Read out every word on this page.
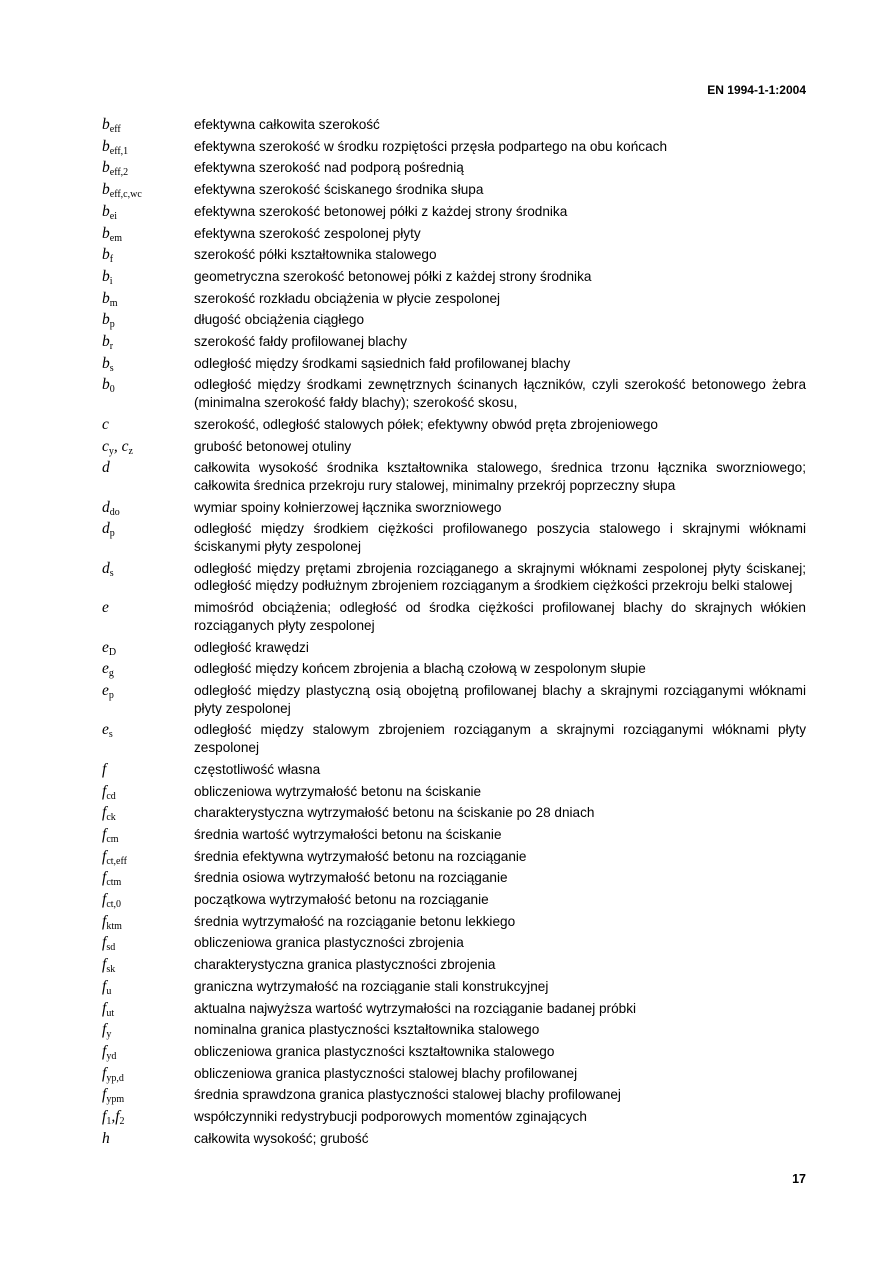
EN 1994-1-1:2004
$b_{eff}$	efektywna całkowita szerokość
$b_{eff,1}$	efektywna szerokość w środku rozpiętości przęsła podpartego na obu końcach
$b_{eff,2}$	efektywna szerokość nad podporą pośrednią
$b_{eff,c,wc}$	efektywna szerokość ściskanego środnika słupa
$b_{ei}$	efektywna szerokość betonowej półki z każdej strony środnika
$b_{em}$	efektywna szerokość zespolonej płyty
$b_f$	szerokość półki kształtownika stalowego
$b_i$	geometryczna szerokość betonowej półki z każdej strony środnika
$b_m$	szerokość rozkładu obciążenia w płycie zespolonej
$b_p$	długość obciążenia ciągłego
$b_r$	szerokość fałdy profilowanej blachy
$b_s$	odległość między środkami sąsiednich fałd profilowanej blachy
$b_0$	odległość między środkami zewnętrznych ścinanych łączników, czyli szerokość betonowego żebra (minimalna szerokość fałdy blachy); szerokość skosu,
c	szerokość, odległość stalowych półek; efektywny obwód pręta zbrojeniowego
$c_y$, $c_z$	grubość betonowej otuliny
d	całkowita wysokość środnika kształtownika stalowego, średnica trzonu łącznika sworzniowego; całkowita średnica przekroju rury stalowej, minimalny przekrój poprzeczny słupa
$d_{do}$	wymiar spoiny kołnierzowej łącznika sworzniowego
$d_p$	odległość między środkiem ciężkości profilowanego poszycia stalowego i skrajnymi włóknami ściskanymi płyty zespolonej
$d_s$	odległość między prętami zbrojenia rozciąganego a skrajnymi włóknami zespolonej płyty ściskanej; odległość między podłużnym zbrojeniem rozciąganym a środkiem ciężkości przekroju belki stalowej
e	mimośród obciążenia; odległość od środka ciężkości profilowanej blachy do skrajnych włókien rozciąganych płyty zespolonej
$e_D$	odległość krawędzi
$e_g$	odległość między końcem zbrojenia a blachą czołową w zespolonym słupie
$e_p$	odległość między plastyczną osią obojętną profilowanej blachy a skrajnymi rozciąganymi włóknami płyty zespolonej
$e_s$	odległość między stalowym zbrojeniem rozciąganym a skrajnymi rozciąganymi włóknami płyty zespolonej
f	częstotliwość własna
$f_{cd}$	obliczeniowa wytrzymałość betonu na ściskanie
$f_{ck}$	charakterystyczna wytrzymałość betonu na ściskanie po 28 dniach
$f_{cm}$	średnia wartość wytrzymałości betonu na ściskanie
$f_{ct,eff}$	średnia efektywna wytrzymałość betonu na rozciąganie
$f_{ctm}$	średnia osiowa wytrzymałość betonu na rozciąganie
$f_{ct,0}$	początkowa wytrzymałość betonu na rozciąganie
$f_{ktm}$	średnia wytrzymałość na rozciąganie betonu lekkiego
$f_{sd}$	obliczeniowa granica plastyczności zbrojenia
$f_{sk}$	charakterystyczna granica plastyczności zbrojenia
$f_u$	graniczna wytrzymałość na rozciąganie stali konstrukcyjnej
$f_{ut}$	aktualna najwyższa wartość wytrzymałości na rozciąganie badanej próbki
$f_y$	nominalna granica plastyczności kształtownika stalowego
$f_{yd}$	obliczeniowa granica plastyczności kształtownika stalowego
$f_{yp,d}$	obliczeniowa granica plastyczności stalowej blachy profilowanej
$f_{ypm}$	średnia sprawdzona granica plastyczności stalowej blachy profilowanej
$f_1,f_2$	współczynniki redystrybucji podporowych momentów zginających
h	całkowita wysokość; grubość
17
